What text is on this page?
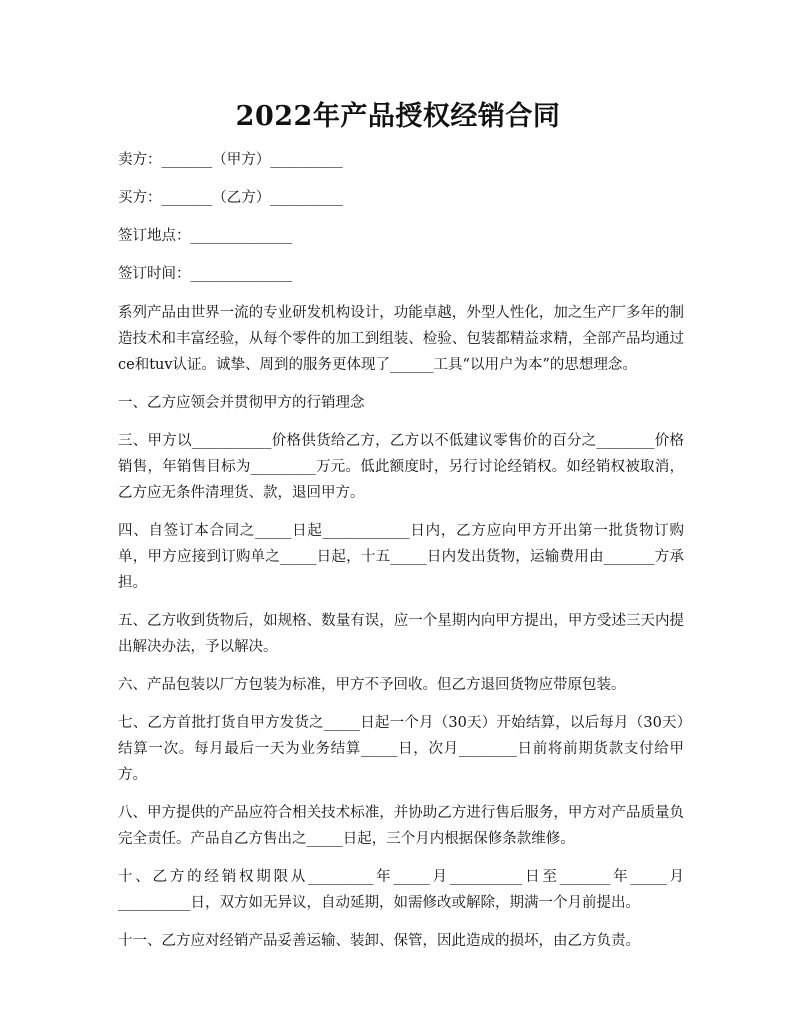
2022年产品授权经销合同

卖方：_______（甲方）__________

买方：_______（乙方）__________

签订地点：______________

签订时间：______________

系列产品由世界一流的专业研发机构设计，功能卓越，外型人性化，加之生产厂多年的制造技术和丰富经验，从每个零件的加工到组装、检验、包装都精益求精，全部产品均通过ce和tuv认证。诚挚、周到的服务更体现了______工具“以用户为本”的思想理念。

一、乙方应领会并贯彻甲方的行销理念

三、甲方以___________价格供货给乙方，乙方以不低建议零售价的百分之________价格销售，年销售目标为_________万元。低此额度时，另行讨论经销权。如经销权被取消，乙方应无条件清理货、款，退回甲方。

四、自签订本合同之_____日起____________日内，乙方应向甲方开出第一批货物订购单，甲方应接到订购单之_____日起，十五_____日内发出货物，运输费用由_______方承担。

五、乙方收到货物后，如规格、数量有误，应一个星期内向甲方提出，甲方受述三天内提出解决办法，予以解决。

六、产品包装以厂方包装为标准，甲方不予回收。但乙方退回货物应带原包装。

七、乙方首批打货自甲方发货之_____日起一个月（30天）开始结算，以后每月（30天）结算一次。每月最后一天为业务结算_____日，次月________日前将前期货款支付给甲方。

八、甲方提供的产品应符合相关技术标准，并协助乙方进行售后服务，甲方对产品质量负完全责任。产品自乙方售出之_____日起，三个月内根据保修条款维修。

十、乙方的经销权期限从_________年_____月__________日至_______年_____月__________日，双方如无异议，自动延期，如需修改或解除，期满一个月前提出。

十一、乙方应对经销产品妥善运输、装卸、保管，因此造成的损坏，由乙方负责。
